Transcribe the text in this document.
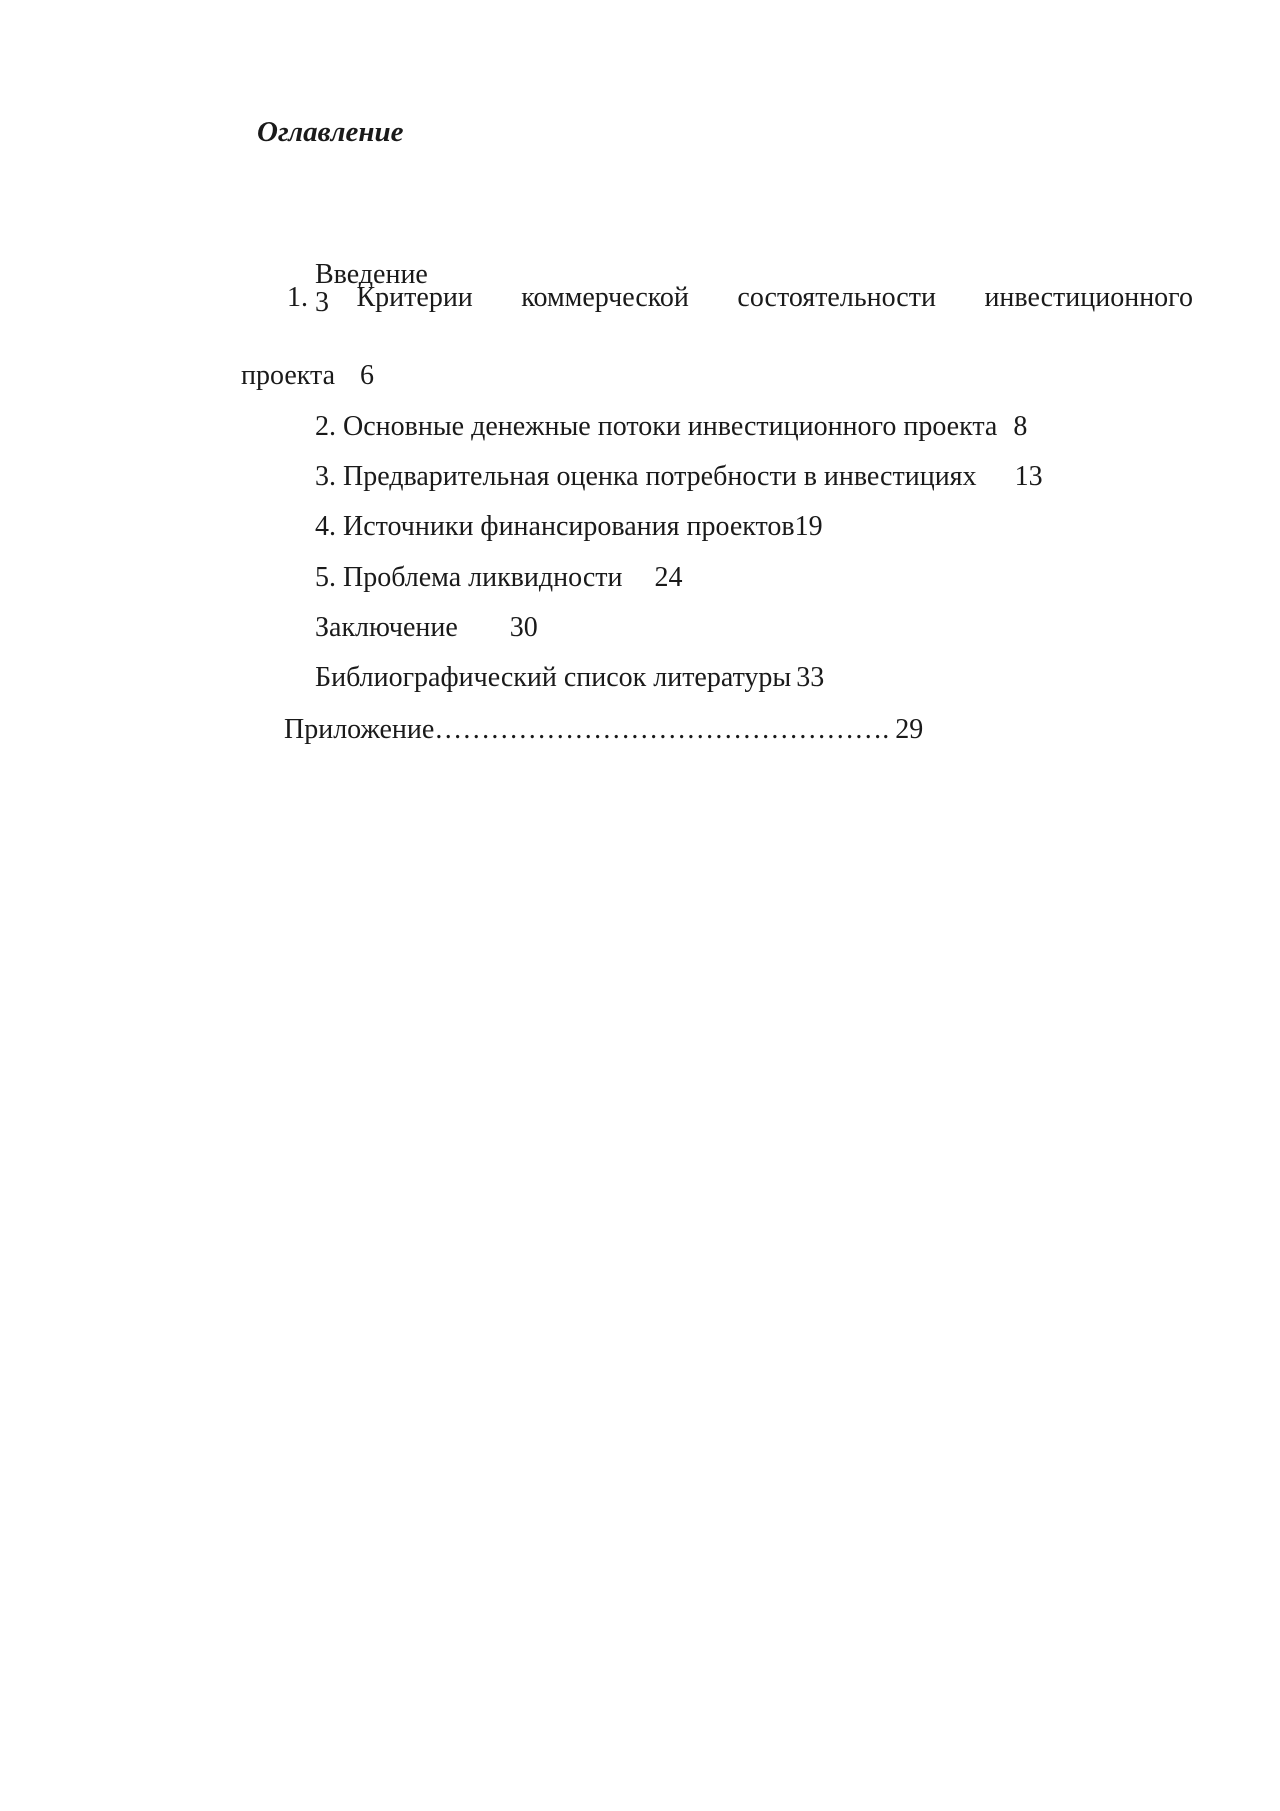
Оглавление

Введение
3

1. Критерии коммерческой состоятельности инвестиционного

проекта 6

2. Основные денежные потоки инвестиционного проекта 8

3. Предварительная оценка потребности в инвестициях 13

4. Источники финансирования проектов19

5. Проблема ликвидности 24

Заключение 30

Библиографический список литературы 33

Приложение…………………………………………. 29
